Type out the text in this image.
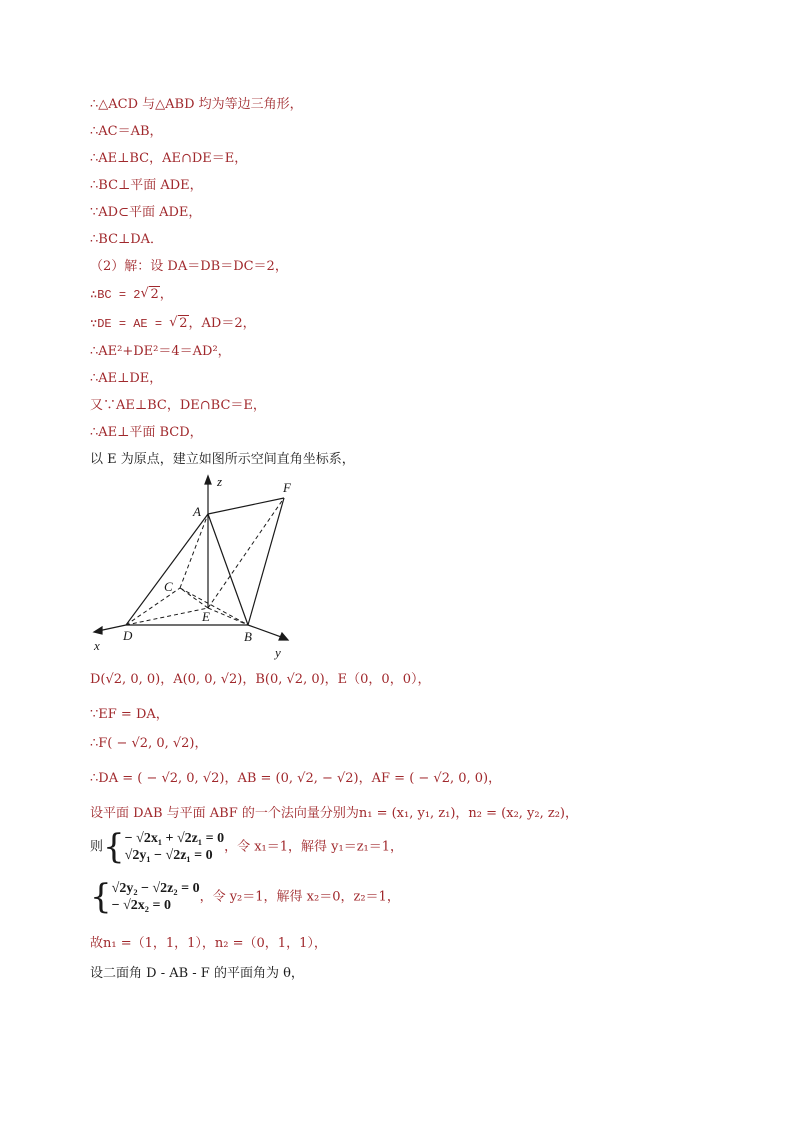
∴△ACD 与△ABD 均为等边三角形，
∴AC＝AB，
∴AE⊥BC，AE∩DE＝E，
∴BC⊥平面 ADE，
∵AD⊂平面 ADE，
∴BC⊥DA．
（2）解：设 DA＝DB＝DC＝2，
∴BC = 2√ 2，
∵DE = AE = √ 2，AD＝2，
∴AE²+DE²＝4＝AD²，
∴AE⊥DE，
又∵AE⊥BC，DE∩BC＝E，
∴AE⊥平面 BCD，
以 E 为原点，建立如图所示空间直角坐标系，
z	F
A
C
E
x
D	B
y
D(√2, 0, 0)，A(0, 0, √2)，B(0, √2, 0)，E（0，0，0），
∵EF = DA，
∴F( − √2, 0, √2)，
∴DA = ( − √2, 0, √2)，AB = (0, √2, − √2)，AF = ( − √2, 0, 0)，
设平面 DAB 与平面 ABF 的一个法向量分别为n₁ = (x₁, y₁, z₁)，n₂ = (x₂, y₂, z₂)，
则{− √2x₁ + √2z₁ = 0
√2y₁ − √2z₁ = 0，令 x₁＝1，解得 y₁＝z₁＝1，
{√2y₂ − √2z₂ = 0
− √2x₂ = 0，令 y₂＝1，解得 x₂＝0，z₂＝1，
故n₁ =（1，1，1），n₂ =（0，1，1），
设二面角 D - AB - F 的平面角为 θ，
